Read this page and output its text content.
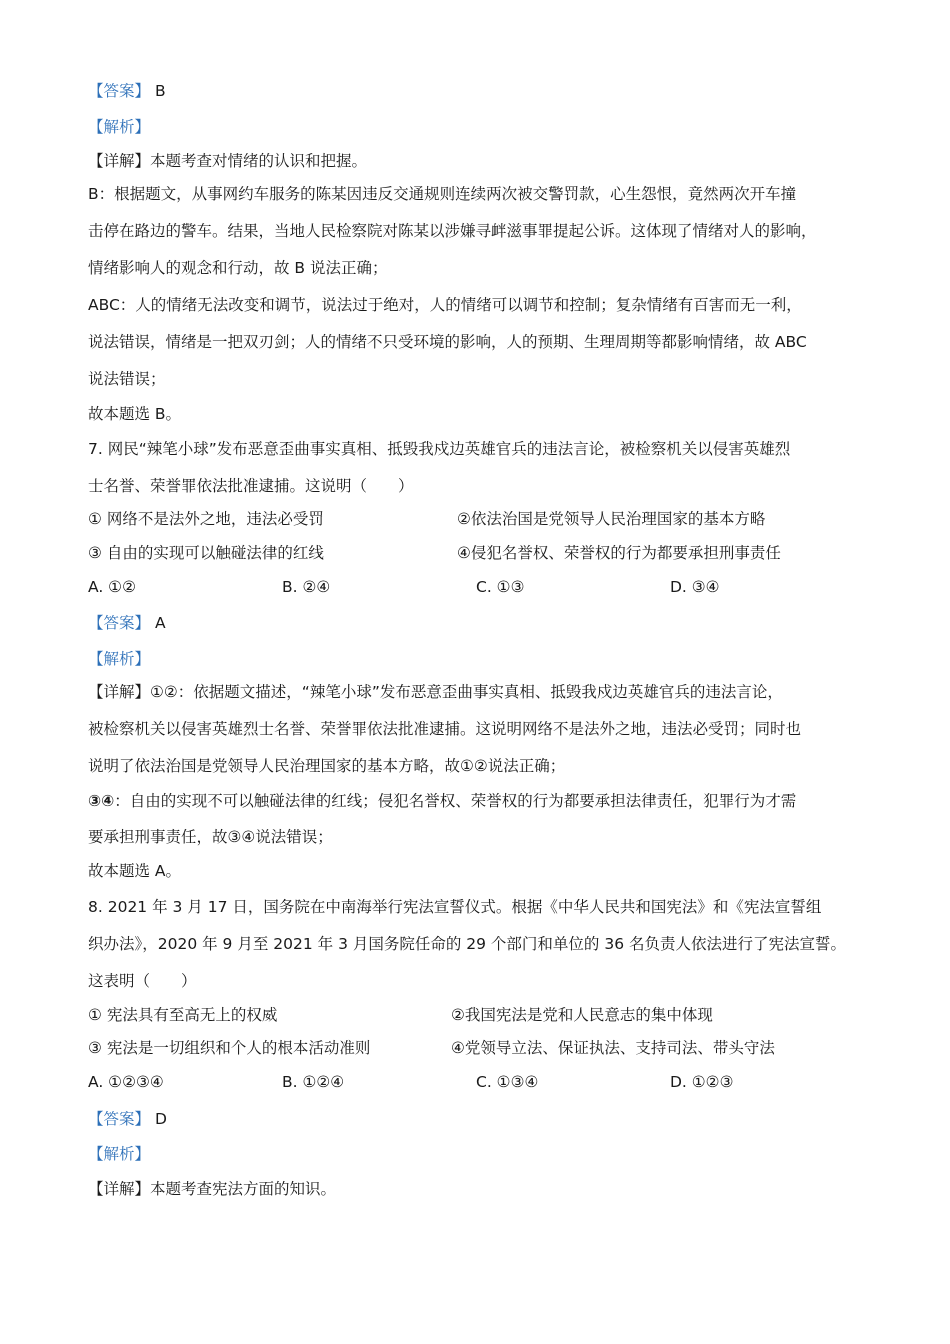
【答案】 B
【解析】
【详解】本题考查对情绪的认识和把握。
B：根据题文，从事网约车服务的陈某因违反交通规则连续两次被交警罚款，心生怨恨，竟然两次开车撞
击停在路边的警车。结果，当地人民检察院对陈某以涉嫌寻衅滋事罪提起公诉。这体现了情绪对人的影响，
情绪影响人的观念和行动，故 B 说法正确；
ABC：人的情绪无法改变和调节，说法过于绝对，人的情绪可以调节和控制；复杂情绪有百害而无一利，
说法错误，情绪是一把双刃剑；人的情绪不只受环境的影响，人的预期、生理周期等都影响情绪，故 ABC
说法错误；
故本题选 B。
7. 网民“辣笔小球”发布恶意歪曲事实真相、抵毁我戍边英雄官兵的违法言论，被检察机关以侵害英雄烈
士名誉、荣誉罪依法批准逮捕。这说明（　　）
① 网络不是法外之地，违法必受罚	②依法治国是党领导人民治理国家的基本方略
③ 自由的实现可以触碰法律的红线	④侵犯名誉权、荣誉权的行为都要承担刑事责任
A. ①②	B. ②④	C. ①③	D. ③④
【答案】 A
【解析】
【详解】①②：依据题文描述，“辣笔小球”发布恶意歪曲事实真相、抵毁我戍边英雄官兵的违法言论，
被检察机关以侵害英雄烈士名誉、荣誉罪依法批准逮捕。这说明网络不是法外之地，违法必受罚；同时也
说明了依法治国是党领导人民治理国家的基本方略，故①②说法正确；
③④：自由的实现不可以触碰法律的红线；侵犯名誉权、荣誉权的行为都要承担法律责任，犯罪行为才需
要承担刑事责任，故③④说法错误；
故本题选 A。
8. 2021 年 3 月 17 日，国务院在中南海举行宪法宣誓仪式。根据《中华人民共和国宪法》和《宪法宣誓组
织办法》，2020 年 9 月至 2021 年 3 月国务院任命的 29 个部门和单位的 36 名负责人依法进行了宪法宣誓。
这表明（　　）
① 宪法具有至高无上的权威	②我国宪法是党和人民意志的集中体现
③ 宪法是一切组织和个人的根本活动准则	④党领导立法、保证执法、支持司法、带头守法
A. ①②③④	B. ①②④	C. ①③④	D. ①②③
【答案】 D
【解析】
【详解】本题考查宪法方面的知识。
